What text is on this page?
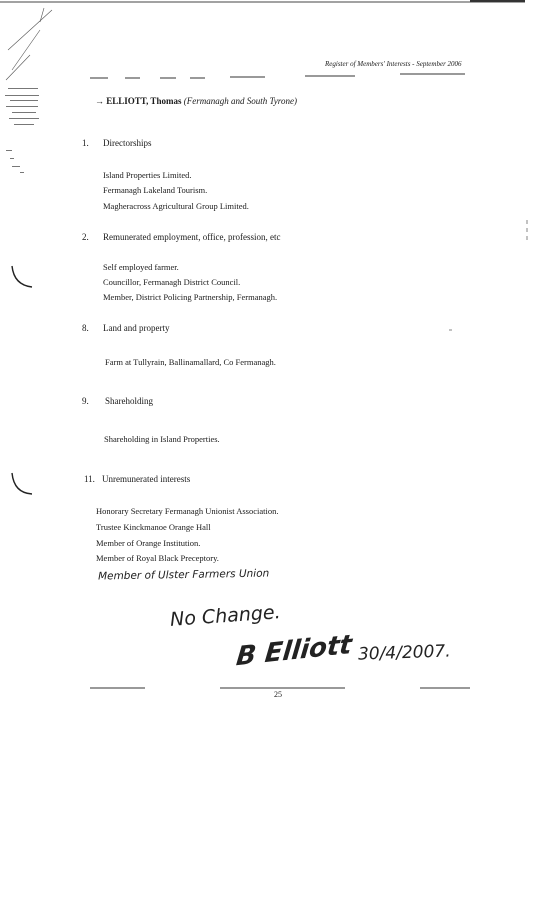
Register of Members' Interests - September 2006
→ ELLIOTT, Thomas (Fermanagh and South Tyrone)
1. Directorships
Island Properties Limited.
Fermanagh Lakeland Tourism.
Magheracross Agricultural Group Limited.
2. Remunerated employment, office, profession, etc
Self employed farmer.
Councillor, Fermanagh District Council.
Member, District Policing Partnership, Fermanagh.
8. Land and property
Farm at Tullyrain, Ballinamallard, Co Fermanagh.
9. Shareholding
Shareholding in Island Properties.
11. Unremunerated interests
Honorary Secretary Fermanagh Unionist Association.
Trustee Kinckmanoe Orange Hall
Member of Orange Institution.
Member of Royal Black Preceptory.
Member of Ulster Farmers Union
No Change.
B Elliott 30/4/2007.
25
